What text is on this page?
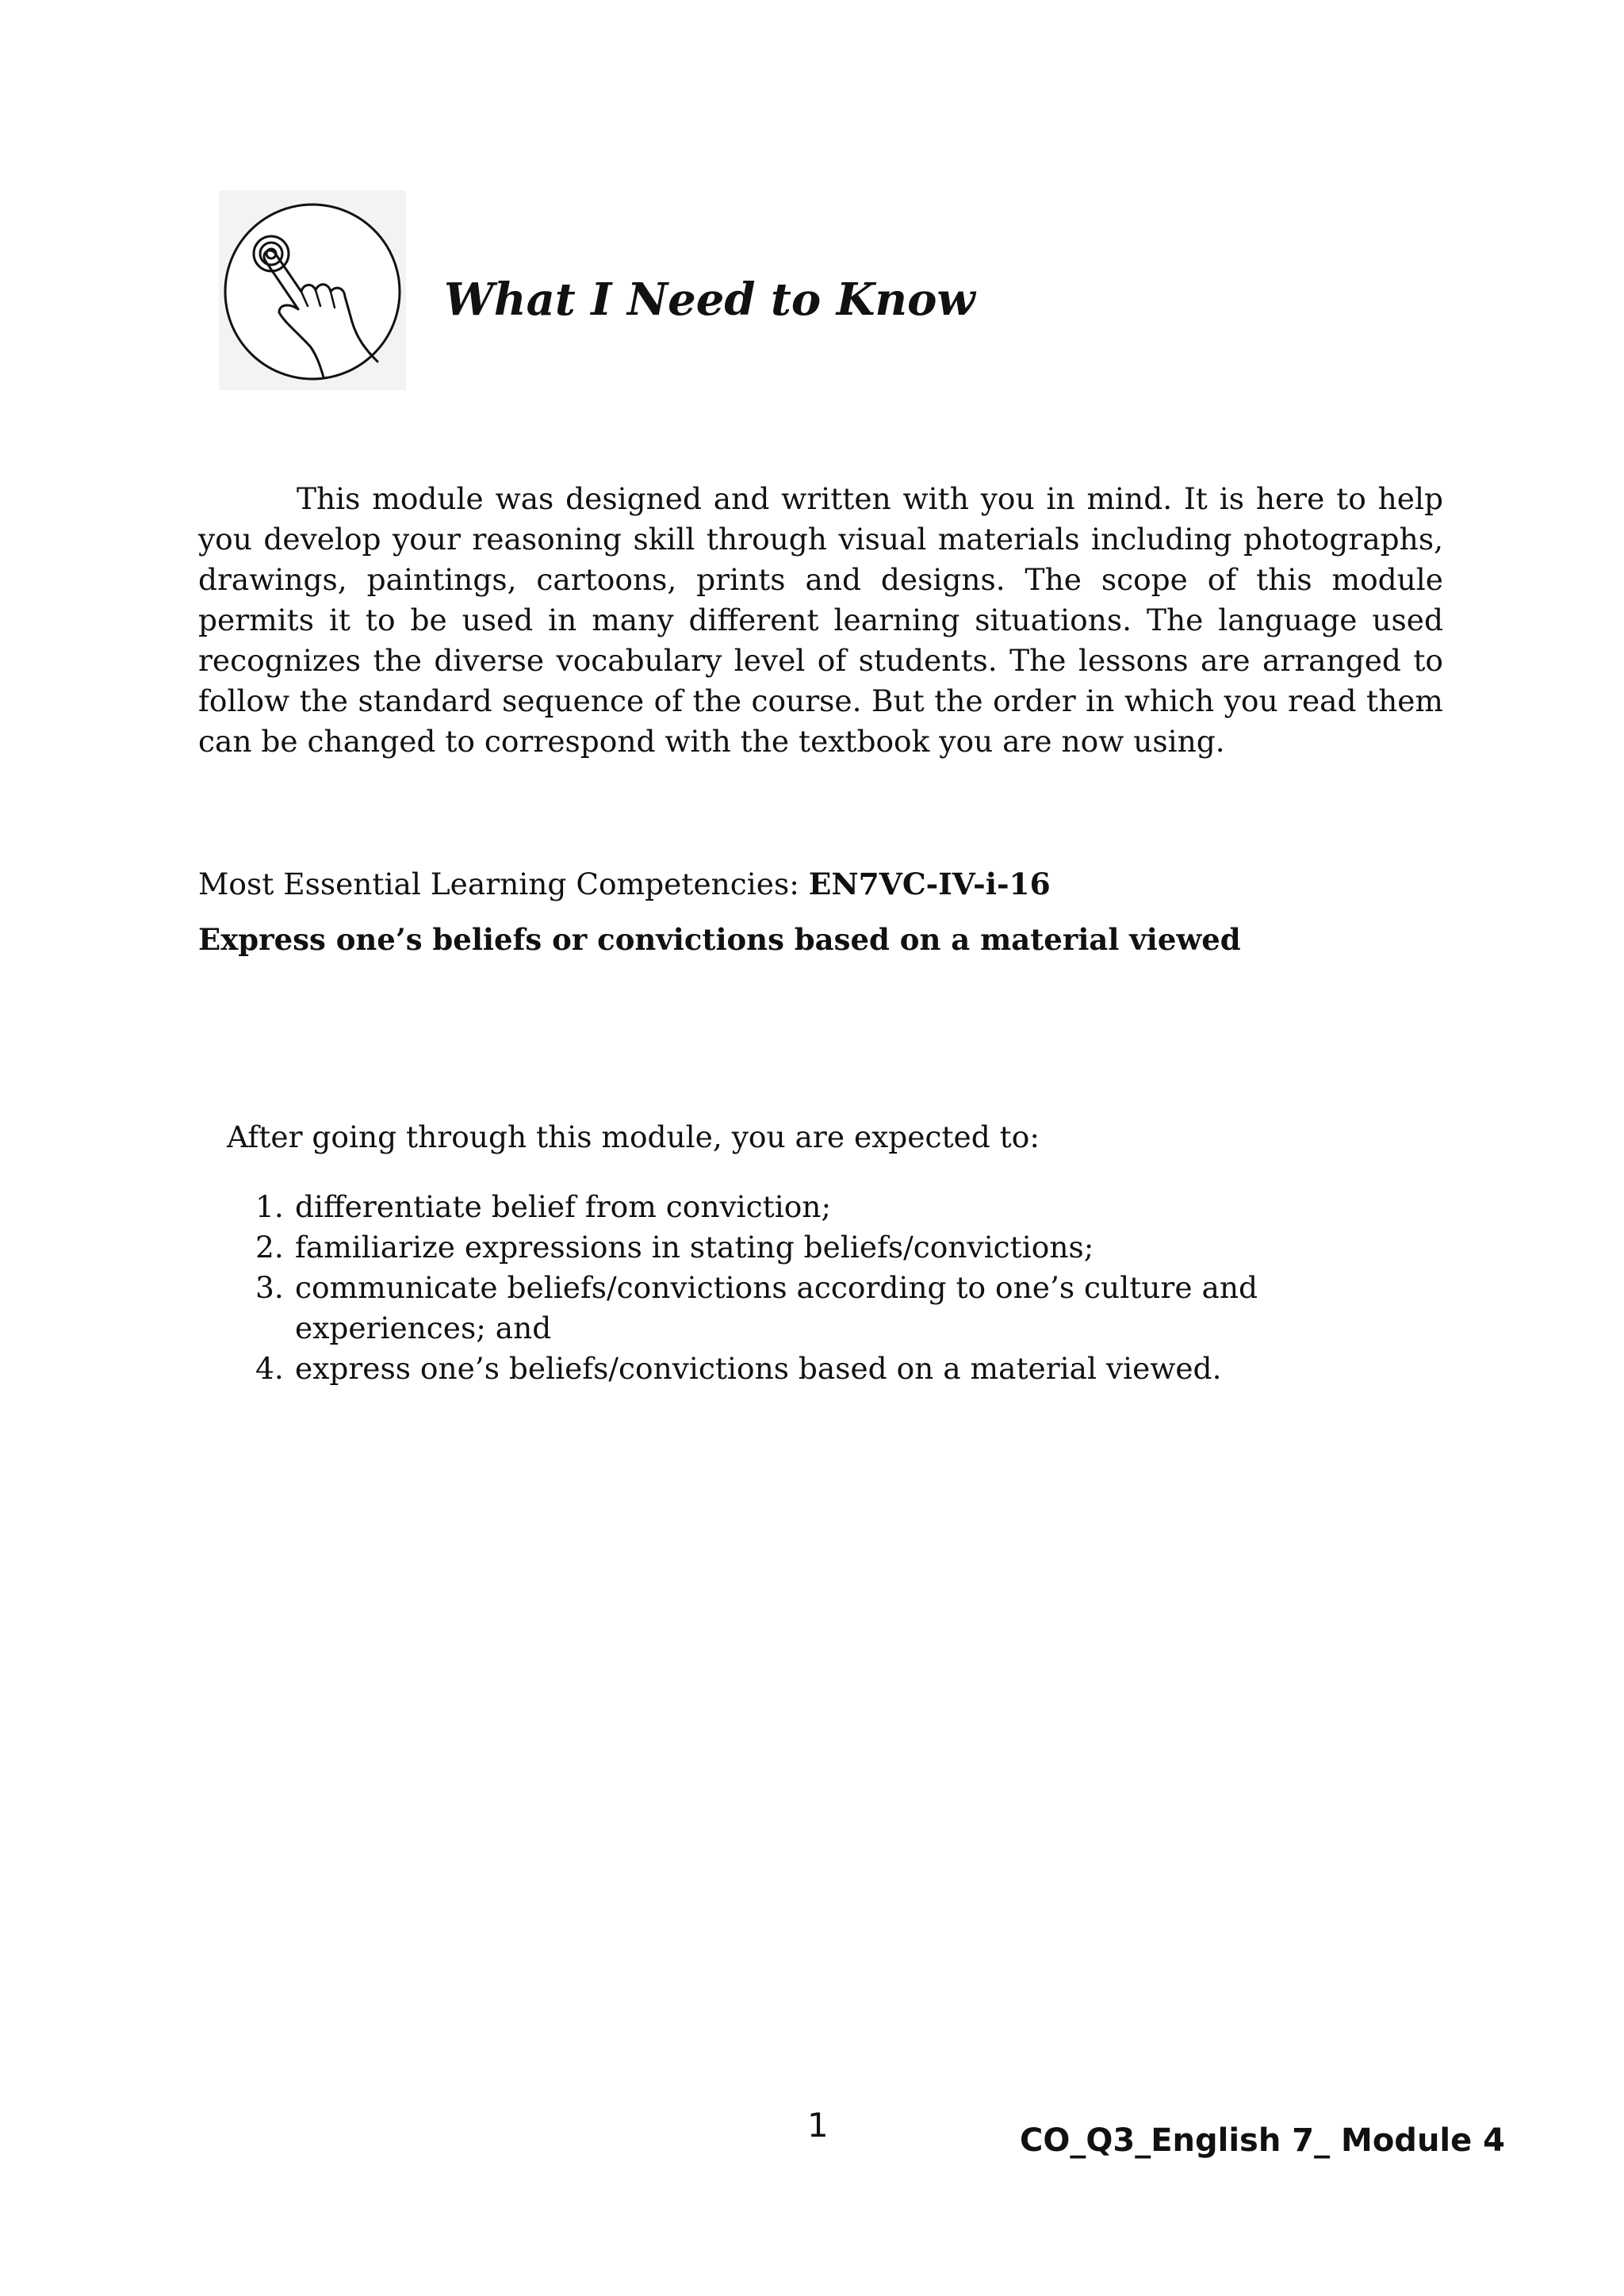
What I Need to Know

This module was designed and written with you in mind. It is here to help you develop your reasoning skill through visual materials including photographs, drawings, paintings, cartoons, prints and designs. The scope of this module permits it to be used in many different learning situations. The language used recognizes the diverse vocabulary level of students. The lessons are arranged to follow the standard sequence of the course. But the order in which you read them can be changed to correspond with the textbook you are now using.

Most Essential Learning Competencies: EN7VC-IV-i-16
Express one’s beliefs or convictions based on a material viewed
After going through this module, you are expected to:
1. differentiate belief from conviction;
2. familiarize expressions in stating beliefs/convictions;
3. communicate beliefs/convictions according to one’s culture and experiences; and
4. express one’s beliefs/convictions based on a material viewed.
1	CO_Q3_English 7_ Module 4
